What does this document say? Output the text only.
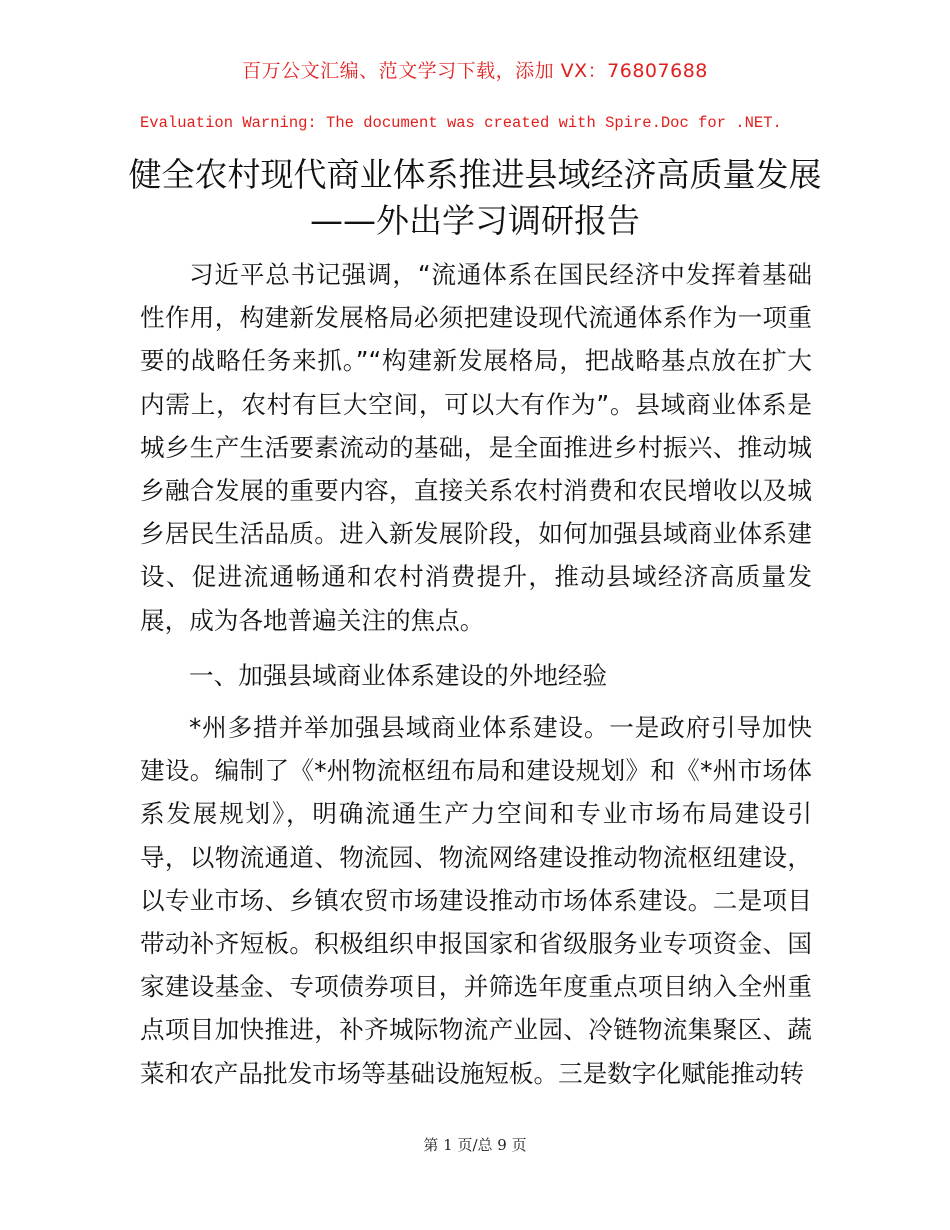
百万公文汇编、范文学习下载，添加 VX：76807688
Evaluation Warning: The document was created with Spire.Doc for .NET.
健全农村现代商业体系推进县域经济高质量发展——外出学习调研报告

习近平总书记强调，“流通体系在国民经济中发挥着基础性作用，构建新发展格局必须把建设现代流通体系作为一项重要的战略任务来抓。”“构建新发展格局，把战略基点放在扩大内需上，农村有巨大空间，可以大有作为”。县域商业体系是城乡生产生活要素流动的基础，是全面推进乡村振兴、推动城乡融合发展的重要内容，直接关系农村消费和农民增收以及城乡居民生活品质。进入新发展阶段，如何加强县域商业体系建设、促进流通畅通和农村消费提升，推动县域经济高质量发展，成为各地普遍关注的焦点。

一、加强县域商业体系建设的外地经验

*州多措并举加强县域商业体系建设。一是政府引导加快建设。编制了《*州物流枢纽布局和建设规划》和《*州市场体系发展规划》，明确流通生产力空间和专业市场布局建设引导，以物流通道、物流园、物流网络建设推动物流枢纽建设，以专业市场、乡镇农贸市场建设推动市场体系建设。二是项目带动补齐短板。积极组织申报国家和省级服务业专项资金、国家建设基金、专项债券项目，并筛选年度重点项目纳入全州重点项目加快推进，补齐城际物流产业园、冷链物流集聚区、蔬菜和农产品批发市场等基础设施短板。三是数字化赋能推动转

第 1 页/总 9 页
